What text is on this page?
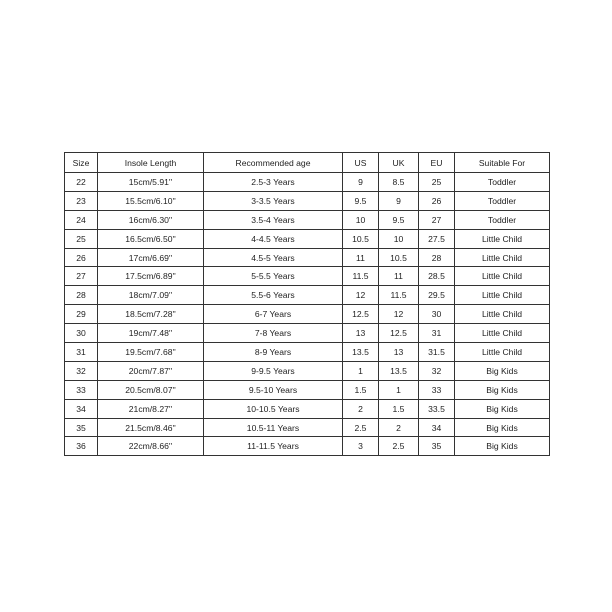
Size	Insole Length	Recommended age	US	UK	EU	Suitable For
22	15cm/5.91''	2.5-3 Years	9	8.5	25	Toddler
23	15.5cm/6.10''	3-3.5 Years	9.5	9	26	Toddler
24	16cm/6.30''	3.5-4 Years	10	9.5	27	Toddler
25	16.5cm/6.50''	4-4.5 Years	10.5	10	27.5	Little Child
26	17cm/6.69''	4.5-5 Years	11	10.5	28	Little Child
27	17.5cm/6.89''	5-5.5 Years	11.5	11	28.5	Little Child
28	18cm/7.09''	5.5-6 Years	12	11.5	29.5	Little Child
29	18.5cm/7.28''	6-7 Years	12.5	12	30	Little Child
30	19cm/7.48''	7-8 Years	13	12.5	31	Little Child
31	19.5cm/7.68''	8-9 Years	13.5	13	31.5	Little Child
32	20cm/7.87''	9-9.5 Years	1	13.5	32	Big Kids
33	20.5cm/8.07''	9.5-10 Years	1.5	1	33	Big Kids
34	21cm/8.27''	10-10.5 Years	2	1.5	33.5	Big Kids
35	21.5cm/8.46''	10.5-11 Years	2.5	2	34	Big Kids
36	22cm/8.66''	11-11.5 Years	3	2.5	35	Big Kids
